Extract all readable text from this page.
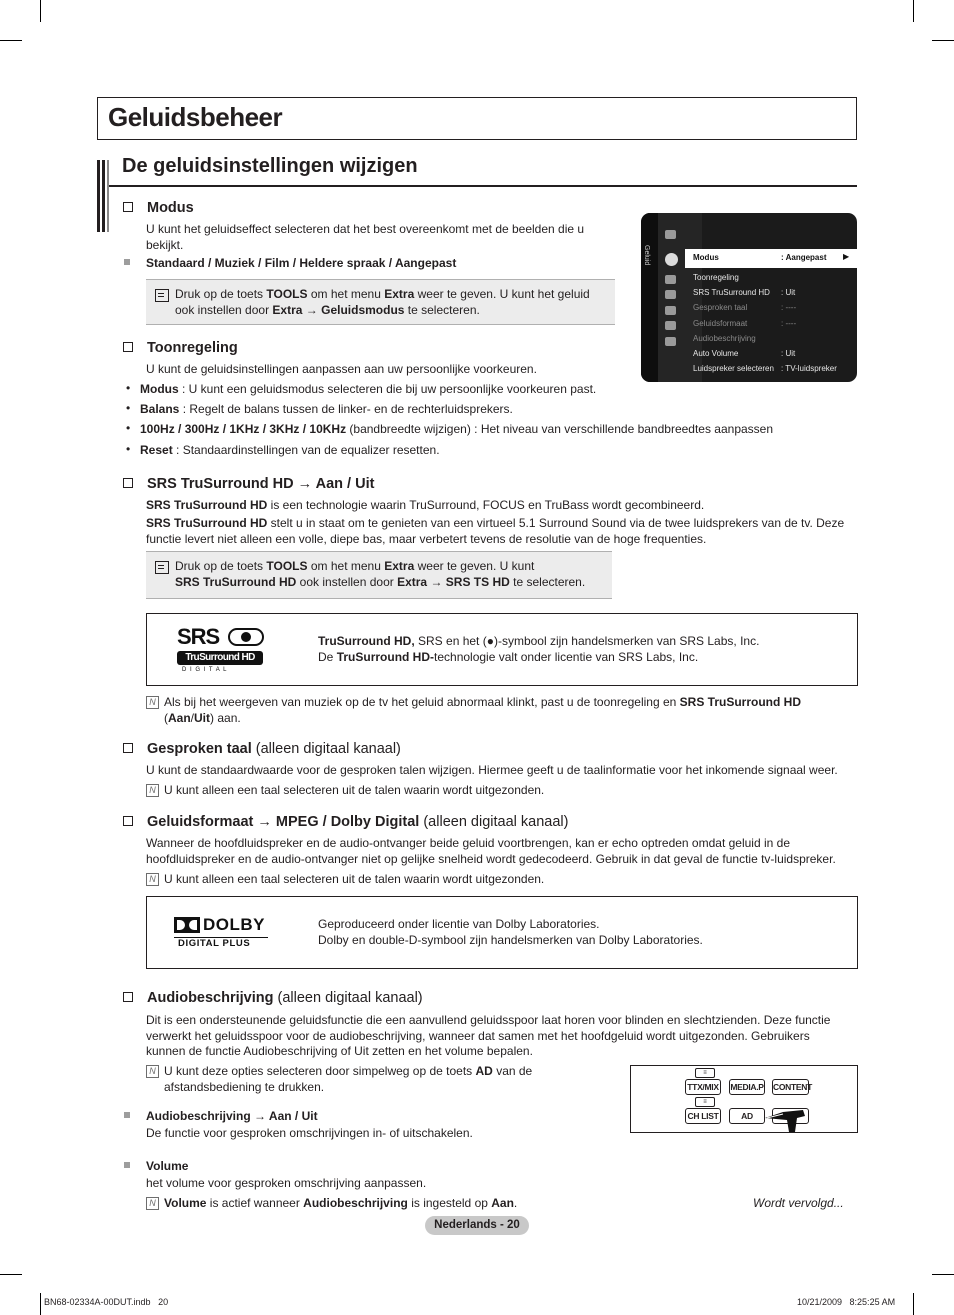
Geluidsbeheer
De geluidsinstellingen wijzigen
Geluid	Modus	: Aangepast ▶
Toonregeling
SRS TruSurround HD : Uit
Gesproken taal	: ----
Geluidsformaat	: ----
Audiobeschrijving
Auto Volume	: Uit
Luidspreker selecteren : TV-luidspreker
Modus
U kunt het geluidseffect selecteren dat het best overeenkomt met de beelden die u
bekijkt.
Standaard / Muziek / Film / Heldere spraak / Aangepast
Druk op de toets TOOLS om het menu Extra weer te geven. U kunt het geluid
ook instellen door Extra → Geluidsmodus te selecteren.
Toonregeling
U kunt de geluidsinstellingen aanpassen aan uw persoonlijke voorkeuren.
• Modus : U kunt een geluidsmodus selecteren die bij uw persoonlijke voorkeuren past.
• Balans : Regelt de balans tussen de linker- en de rechterluidsprekers.
• 100Hz / 300Hz / 1KHz / 3KHz / 10KHz (bandbreedte wijzigen) : Het niveau van verschillende bandbreedtes aanpassen
• Reset : Standaardinstellingen van de equalizer resetten.
SRS TruSurround HD → Aan / Uit
SRS TruSurround HD is een technologie waarin TruSurround, FOCUS en TruBass wordt gecombineerd.
SRS TruSurround HD stelt u in staat om te genieten van een virtueel 5.1 Surround Sound via de twee luidsprekers van de tv. Deze
functie levert niet alleen een volle, diepe bas, maar verbetert tevens de resolutie van de hoge frequenties.
Druk op de toets TOOLS om het menu Extra weer te geven. U kunt
SRS TruSurround HD ook instellen door Extra → SRS TS HD te selecteren.
SRS
TruSurround HD
D I G I T A L
TruSurround HD, SRS en het (●)-symbool zijn handelsmerken van SRS Labs, Inc.
De TruSurround HD-technologie valt onder licentie van SRS Labs, Inc.
N Als bij het weergeven van muziek op de tv het geluid abnormaal klinkt, past u de toonregeling en SRS TruSurround HD
(Aan/Uit) aan.
Gesproken taal (alleen digitaal kanaal)
U kunt de standaardwaarde voor de gesproken talen wijzigen. Hiermee geeft u de taalinformatie voor het inkomende signaal weer.
N U kunt alleen een taal selecteren uit de talen waarin wordt uitgezonden.
Geluidsformaat → MPEG / Dolby Digital (alleen digitaal kanaal)
Wanneer de hoofdluidspreker en de audio-ontvanger beide geluid voortbrengen, kan er echo optreden omdat geluid in de
hoofdluidspreker en de audio-ontvanger niet op gelijke snelheid wordt gedecodeerd. Gebruik in dat geval de functie tv-luidspreker.
N U kunt alleen een taal selecteren uit de talen waarin wordt uitgezonden.
DOLBY
DIGITAL PLUS
Geproduceerd onder licentie van Dolby Laboratories.
Dolby en double-D-symbool zijn handelsmerken van Dolby Laboratories.
Audiobeschrijving (alleen digitaal kanaal)
Dit is een ondersteunende geluidsfunctie die een aanvullend geluidsspoor laat horen voor blinden en slechtzienden. Deze functie
verwerkt het geluidsspoor voor de audiobeschrijving, wanneer dat samen met het hoofdgeluid wordt uitgezonden. Gebruikers
kunnen de functie Audiobeschrijving of Uit zetten en het volume bepalen.
N U kunt deze opties selecteren door simpelweg op de toets AD van de
afstandsbediening te drukken.
≡
TTX/MIX MEDIA.P CONTENT
≡
CH LIST	AD
Audiobeschrijving → Aan / Uit
De functie voor gesproken omschrijvingen in- of uitschakelen.
Volume
het volume voor gesproken omschrijving aanpassen.
N Volume is actief wanneer Audiobeschrijving is ingesteld op Aan.	Wordt vervolgd...
Nederlands - 20
BN68-02334A-00DUT.indb   20	10/21/2009   8:25:25 AM
